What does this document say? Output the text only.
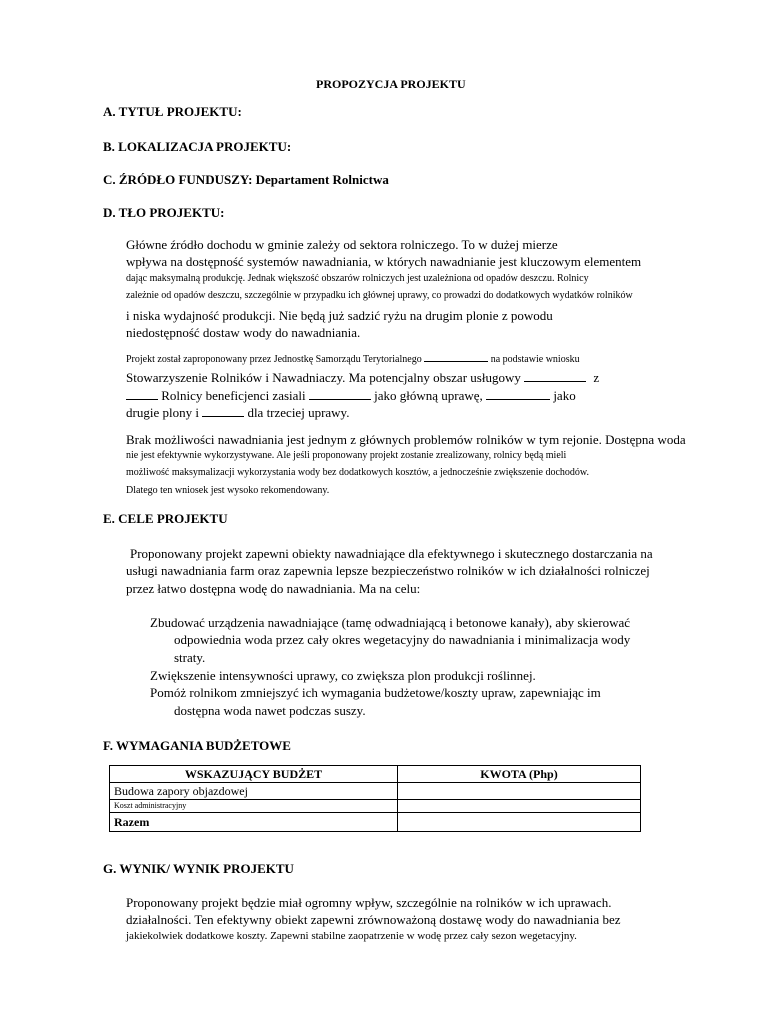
PROPOZYCJA PROJEKTU
A. TYTUŁ PROJEKTU:
B. LOKALIZACJA PROJEKTU:
C. ŹRÓDŁO FUNDUSZY: Departament Rolnictwa
D. TŁO PROJEKTU:
Główne źródło dochodu w gminie zależy od sektora rolniczego. To w dużej mierze
wpływa na dostępność systemów nawadniania, w których nawadnianie jest kluczowym elementem
dając maksymalną produkcję. Jednak większość obszarów rolniczych jest uzależniona od opadów deszczu. Rolnicy
zależnie od opadów deszczu, szczególnie w przypadku ich głównej uprawy, co prowadzi do dodatkowych wydatków rolników
i niska wydajność produkcji. Nie będą już sadzić ryżu na drugim plonie z powodu
niedostępność dostaw wody do nawadniania.
Projekt został zaproponowany przez Jednostkę Samorządu Terytorialnego	na podstawie wniosku
Stowarzyszenie Rolników i Nawadniaczy. Ma potencjalny obszar usługowy	z
Rolnicy beneficjenci zasiali	jako główną uprawę,	jako
drugie plony i	dla trzeciej uprawy.
Brak możliwości nawadniania jest jednym z głównych problemów rolników w tym rejonie. Dostępna woda
nie jest efektywnie wykorzystywane. Ale jeśli proponowany projekt zostanie zrealizowany, rolnicy będą mieli
możliwość maksymalizacji wykorzystania wody bez dodatkowych kosztów, a jednocześnie zwiększenie dochodów.
Dlatego ten wniosek jest wysoko rekomendowany.
E. CELE PROJEKTU
Proponowany projekt zapewni obiekty nawadniające dla efektywnego i skutecznego dostarczania na
usługi nawadniania farm oraz zapewnia lepsze bezpieczeństwo rolników w ich działalności rolniczej
przez łatwo dostępna wodę do nawadniania. Ma na celu:
Zbudować urządzenia nawadniające (tamę odwadniającą i betonowe kanały), aby skierować
odpowiednia woda przez cały okres wegetacyjny do nawadniania i minimalizacja wody
straty.
Zwiększenie intensywności uprawy, co zwiększa plon produkcji roślinnej.
Pomóż rolnikom zmniejszyć ich wymagania budżetowe/koszty upraw, zapewniając im
dostępna woda nawet podczas suszy.
F. WYMAGANIA BUDŻETOWE
WSKAZUJĄCY BUDŻET	KWOTA (Php)
Budowa zapory objazdowej	
Koszt administracyjny	
Razem	
G. WYNIK/ WYNIK PROJEKTU
Proponowany projekt będzie miał ogromny wpływ, szczególnie na rolników w ich uprawach.
działalności. Ten efektywny obiekt zapewni zrównoważoną dostawę wody do nawadniania bez
jakiekolwiek dodatkowe koszty. Zapewni stabilne zaopatrzenie w wodę przez cały sezon wegetacyjny.
